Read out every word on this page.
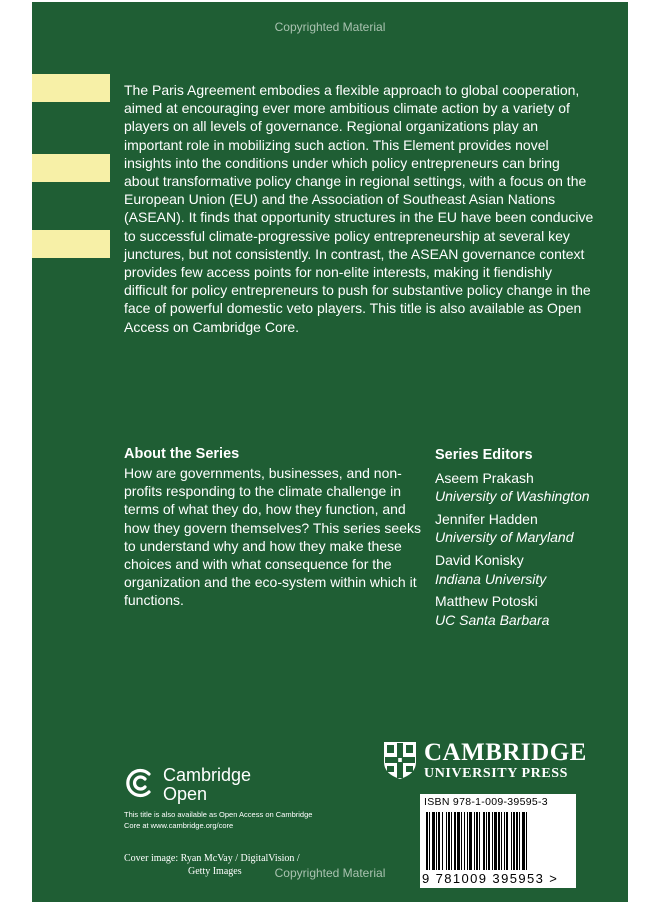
Copyrighted Material

The Paris Agreement embodies a flexible approach to global cooperation, aimed at encouraging ever more ambitious climate action by a variety of players on all levels of governance. Regional organizations play an important role in mobilizing such action. This Element provides novel insights into the conditions under which policy entrepreneurs can bring about transformative policy change in regional settings, with a focus on the European Union (EU) and the Association of Southeast Asian Nations (ASEAN). It finds that opportunity structures in the EU have been conducive to successful climate-progressive policy entrepreneurship at several key junctures, but not consistently. In contrast, the ASEAN governance context provides few access points for non-elite interests, making it fiendishly difficult for policy entrepreneurs to push for substantive policy change in the face of powerful domestic veto players. This title is also available as Open Access on Cambridge Core.

About the Series

How are governments, businesses, and non-profits responding to the climate challenge in terms of what they do, how they function, and how they govern themselves? This series seeks to understand why and how they make these choices and with what consequence for the organization and the eco-system within which it functions.

Series Editors
Aseem Prakash
University of Washington
Jennifer Hadden
University of Maryland
David Konisky
Indiana University
Matthew Potoski
UC Santa Barbara
Cambridge
Open

This title is also available as Open Access on Cambridge Core at www.cambridge.org/core

Cover image: Ryan McVay / DigitalVision /
Getty Images
CAMBRIDGE
UNIVERSITY PRESS
ISBN 978-1-009-39595-3
9 781009 395953 >
Copyrighted Material
